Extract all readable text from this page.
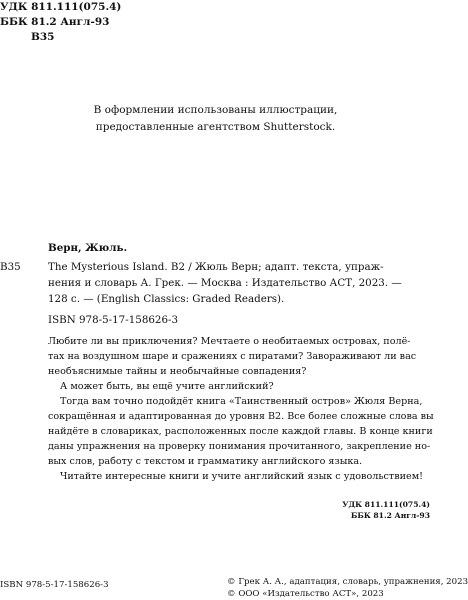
УДК 811.111(075.4)
ББК 81.2 Англ-93
В35
В оформлении использованы иллюстрации,
предоставленные агентством Shutterstock.
Верн, Жюль.
В35	The Mysterious Island. B2 / Жюль Верн; адапт. текста, упраж-
нения и словарь А. Грек. — Москва : Издательство АСТ, 2023. —
128 с. — (English Classics: Graded Readers).
ISBN 978-5-17-158626-3
Любите ли вы приключения? Мечтаете о необитаемых островах, полё-
тах на воздушном шаре и сражениях с пиратами? Завораживают ли вас
необъяснимые тайны и необычайные совпадения?
А может быть, вы ещё учите английский?
Тогда вам точно подойдёт книга «Таинственный остров» Жюля Верна,
сокращённая и адаптированная до уровня B2. Все более сложные слова вы
найдёте в словариках, расположенных после каждой главы. В конце книги
даны упражнения на проверку понимания прочитанного, закрепление но-
вых слов, работу с текстом и грамматику английского языка.
Читайте интересные книги и учите английский язык с удовольствием!
УДК 811.111(075.4)
ББК 81.2 Англ-93
ISBN 978-5-17-158626-3	© Грек А. А., адаптация, словарь, упражнения, 2023
© ООО «Издательство АСТ», 2023
